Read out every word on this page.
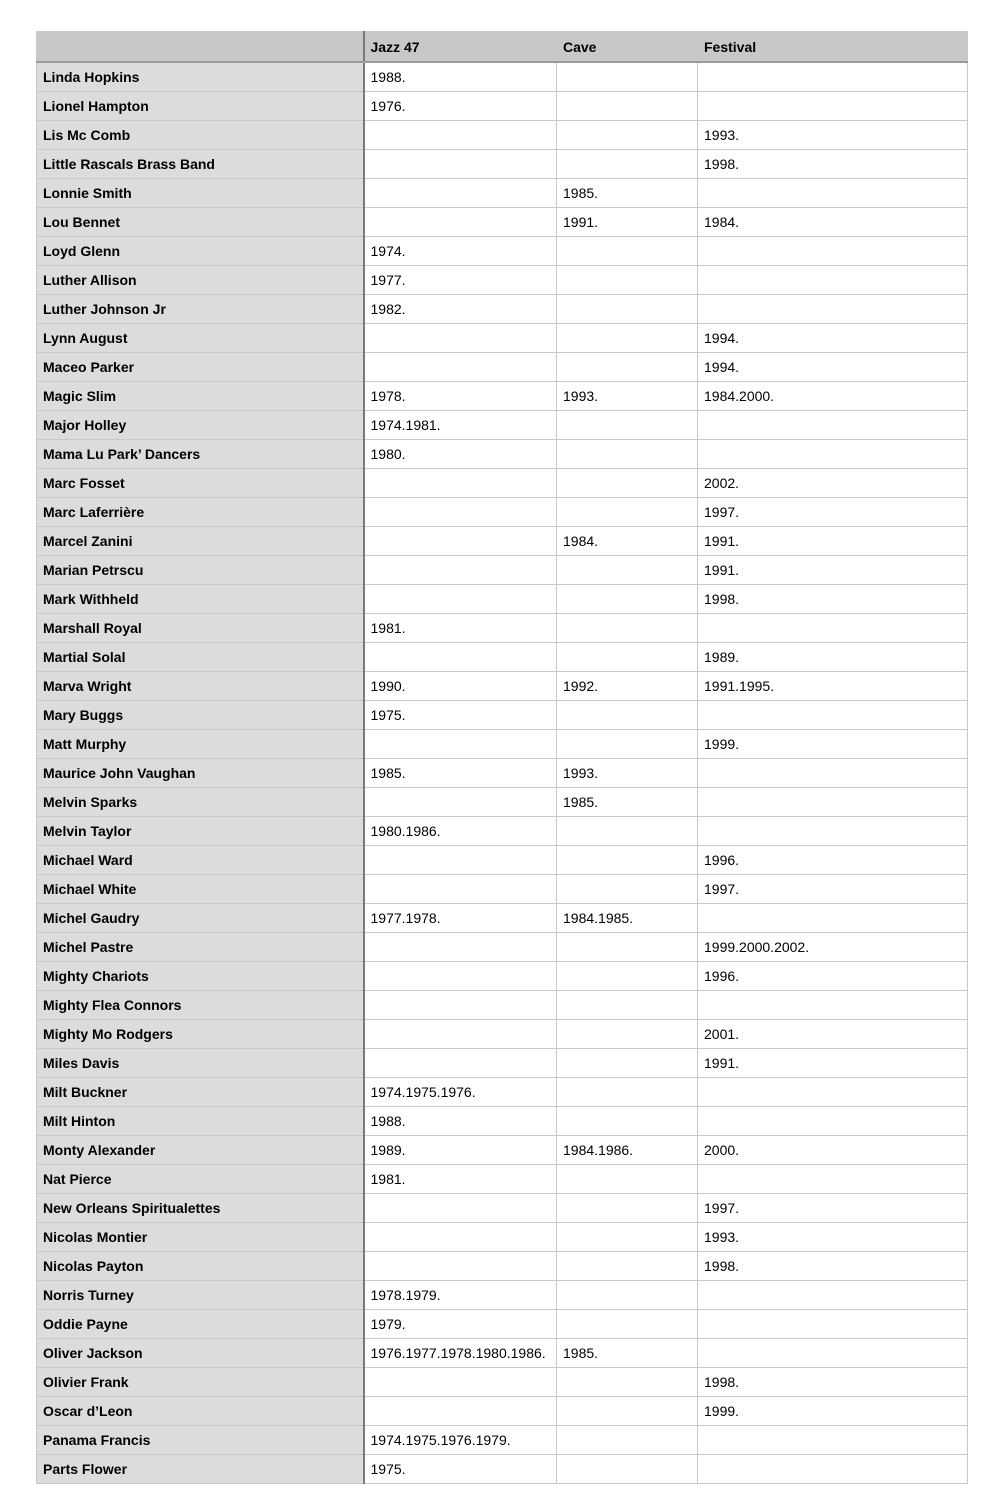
	Jazz 47	Cave	Festival
Linda Hopkins	1988.		
Lionel Hampton	1976.		
Lis Mc Comb			1993.
Little Rascals Brass Band			1998.
Lonnie Smith		1985.	
Lou Bennet		1991.	1984.
Loyd Glenn	1974.		
Luther Allison	1977.		
Luther Johnson Jr	1982.		
Lynn August			1994.
Maceo Parker			1994.
Magic Slim	1978.	1993.	1984.2000.
Major Holley	1974.1981.		
Mama Lu Park’ Dancers	1980.		
Marc Fosset			2002.
Marc Laferrière			1997.
Marcel Zanini		1984.	1991.
Marian Petrscu			1991.
Mark Withheld			1998.
Marshall Royal	1981.		
Martial Solal			1989.
Marva Wright	1990.	1992.	1991.1995.
Mary Buggs	1975.		
Matt Murphy			1999.
Maurice John Vaughan	1985.	1993.	
Melvin Sparks		1985.	
Melvin Taylor	1980.1986.		
Michael Ward			1996.
Michael White			1997.
Michel Gaudry	1977.1978.	1984.1985.	
Michel Pastre			1999.2000.2002.
Mighty Chariots			1996.
Mighty Flea Connors			
Mighty Mo Rodgers			2001.
Miles Davis			1991.
Milt Buckner	1974.1975.1976.		
Milt Hinton	1988.		
Monty Alexander	1989.	1984.1986.	2000.
Nat Pierce	1981.		
New Orleans Spiritualettes			1997.
Nicolas Montier			1993.
Nicolas Payton			1998.
Norris Turney	1978.1979.		
Oddie Payne	1979.		
Oliver Jackson	1976.1977.1978.1980.1986.	1985.	
Olivier Frank			1998.
Oscar d’Leon			1999.
Panama Francis	1974.1975.1976.1979.		
Parts Flower	1975.		
